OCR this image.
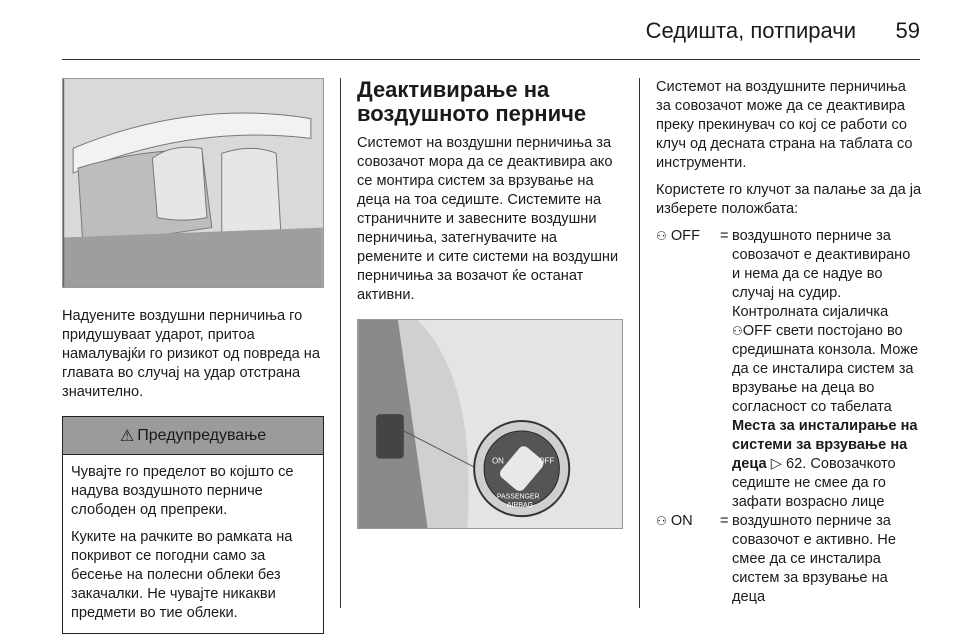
Седишта, потпирачи 59

Надуените воздушни перничиња го придушуваат ударот, притоа намалувајќи го ризикот од повреда на главата во случај на удар отстрана значително.

⚠ Предупредување

Чувајте го пределот во којшто се надува воздушното перниче слободен од препреки.

Куките на рачките во рамката на покривот се погодни само за бесење на полесни облеки без закачалки. Не чувајте никакви предмети во тие облеки.

Деактивирање на воздушното перниче

Системот на воздушни перничиња за совозачот мора да се деактивира ако се монтира систем за врзување на деца на тоа седиште. Системите на страничните и завесните воздушни перничиња, затегнувачите на ремените и сите системи на воздушни перничиња за возачот ќе останат активни.

ON	OFF
PASSENGER
AIRBAG

Системот на воздушните перничиња за совозачот може да се деактивира преку прекинувач со кој се работи со клуч од десната страна на таблата со инструменти.

Користете го клучот за палање за да ја изберете положбата:

⚇ OFF	= воздушното перниче за совозачот е деактивирано и нема да се надуе во случај на судир. Контролната сијаличка ⚇OFF свети постојано во средишната конзола. Може да се инсталира систем за врзување на деца во согласност со табелата Места за инсталирање на системи за врзување на деца ▷ 62. Совозачкото седиште не смее да го зафати возрасно лице
⚇ ON	= воздушното перниче за совазочот е активно. Не смее да се инсталира систем за врзување на деца
